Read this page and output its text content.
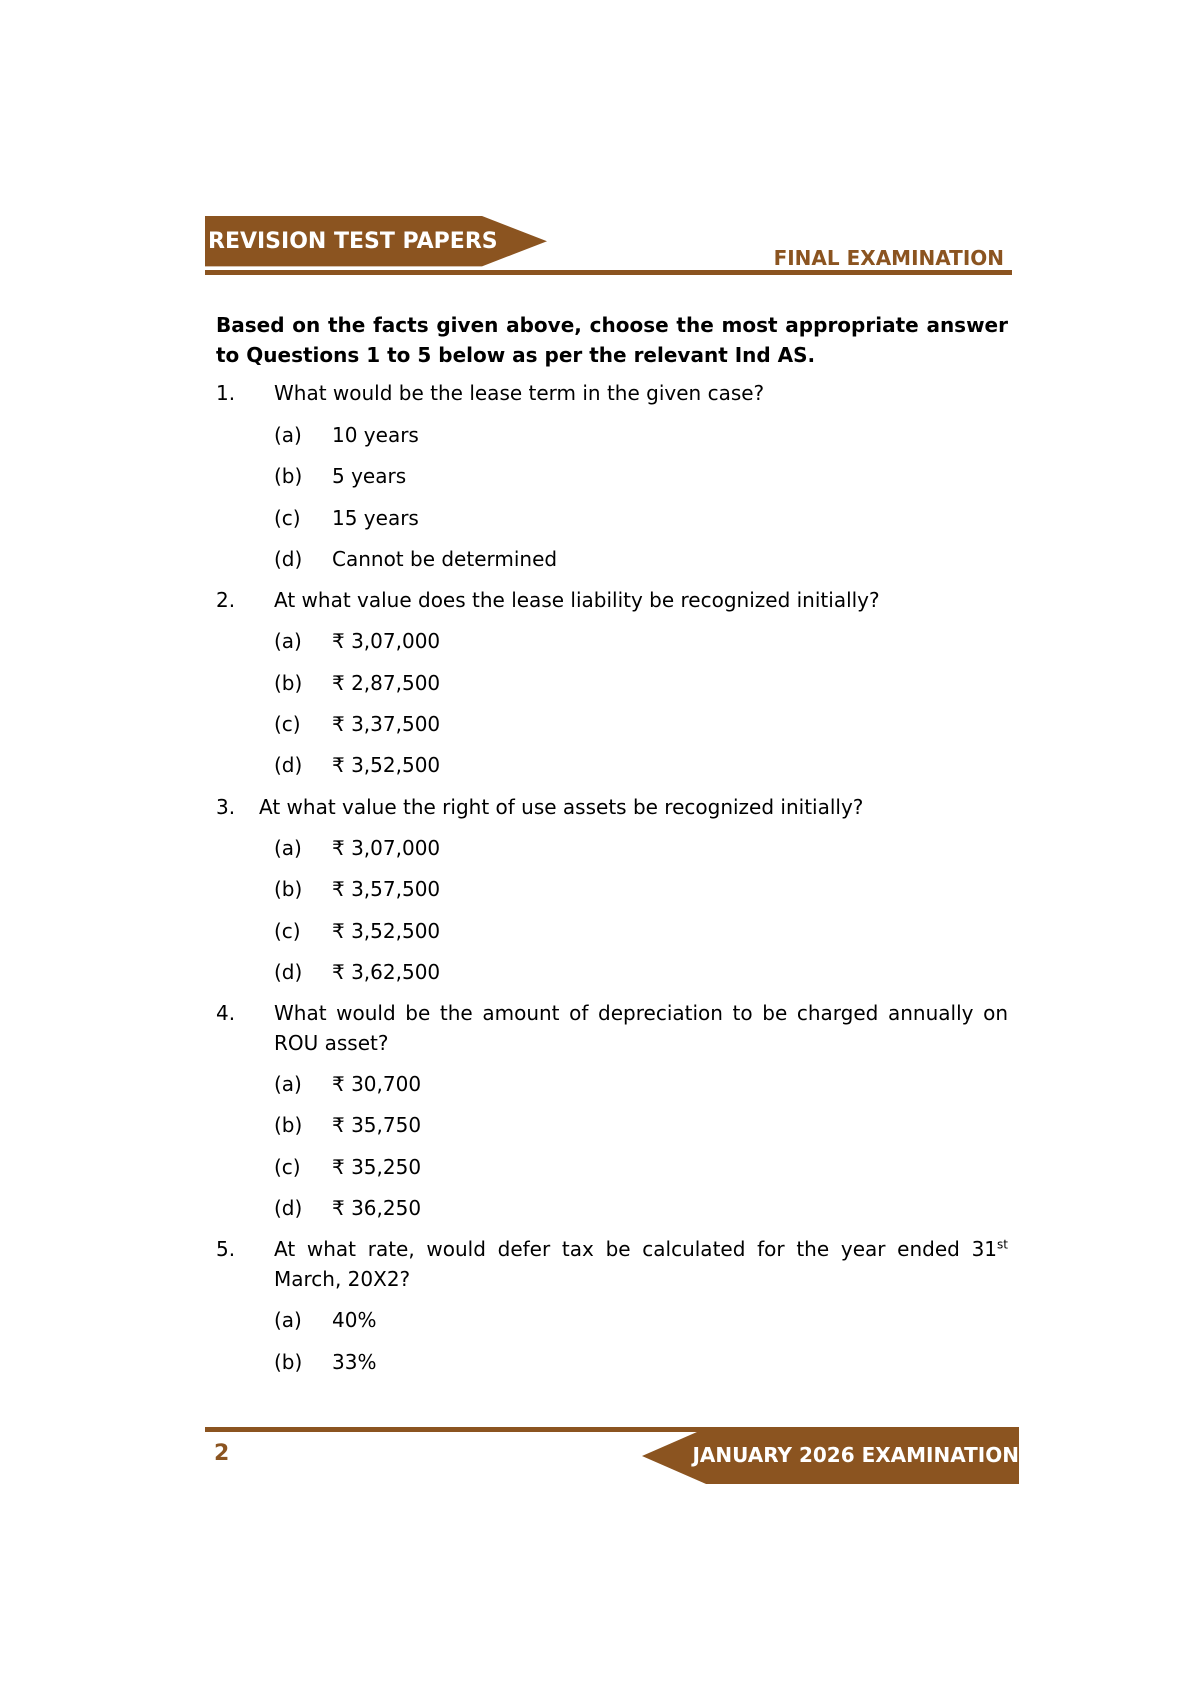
REVISION TEST PAPERS
FINAL EXAMINATION
Based on the facts given above, choose the most appropriate answer to Questions 1 to 5 below as per the relevant Ind AS.
1. What would be the lease term in the given case?
(a) 10 years
(b) 5 years
(c) 15 years
(d) Cannot be determined
2. At what value does the lease liability be recognized initially?
(a) ₹ 3,07,000
(b) ₹ 2,87,500
(c) ₹ 3,37,500
(d) ₹ 3,52,500
3. At what value the right of use assets be recognized initially?
(a) ₹ 3,07,000
(b) ₹ 3,57,500
(c) ₹ 3,52,500
(d) ₹ 3,62,500
4. What would be the amount of depreciation to be charged annually on ROU asset?
(a) ₹ 30,700
(b) ₹ 35,750
(c) ₹ 35,250
(d) ₹ 36,250
5. At what rate, would defer tax be calculated for the year ended 31st March, 20X2?
(a) 40%
(b) 33%
JANUARY 2026 EXAMINATION
2
